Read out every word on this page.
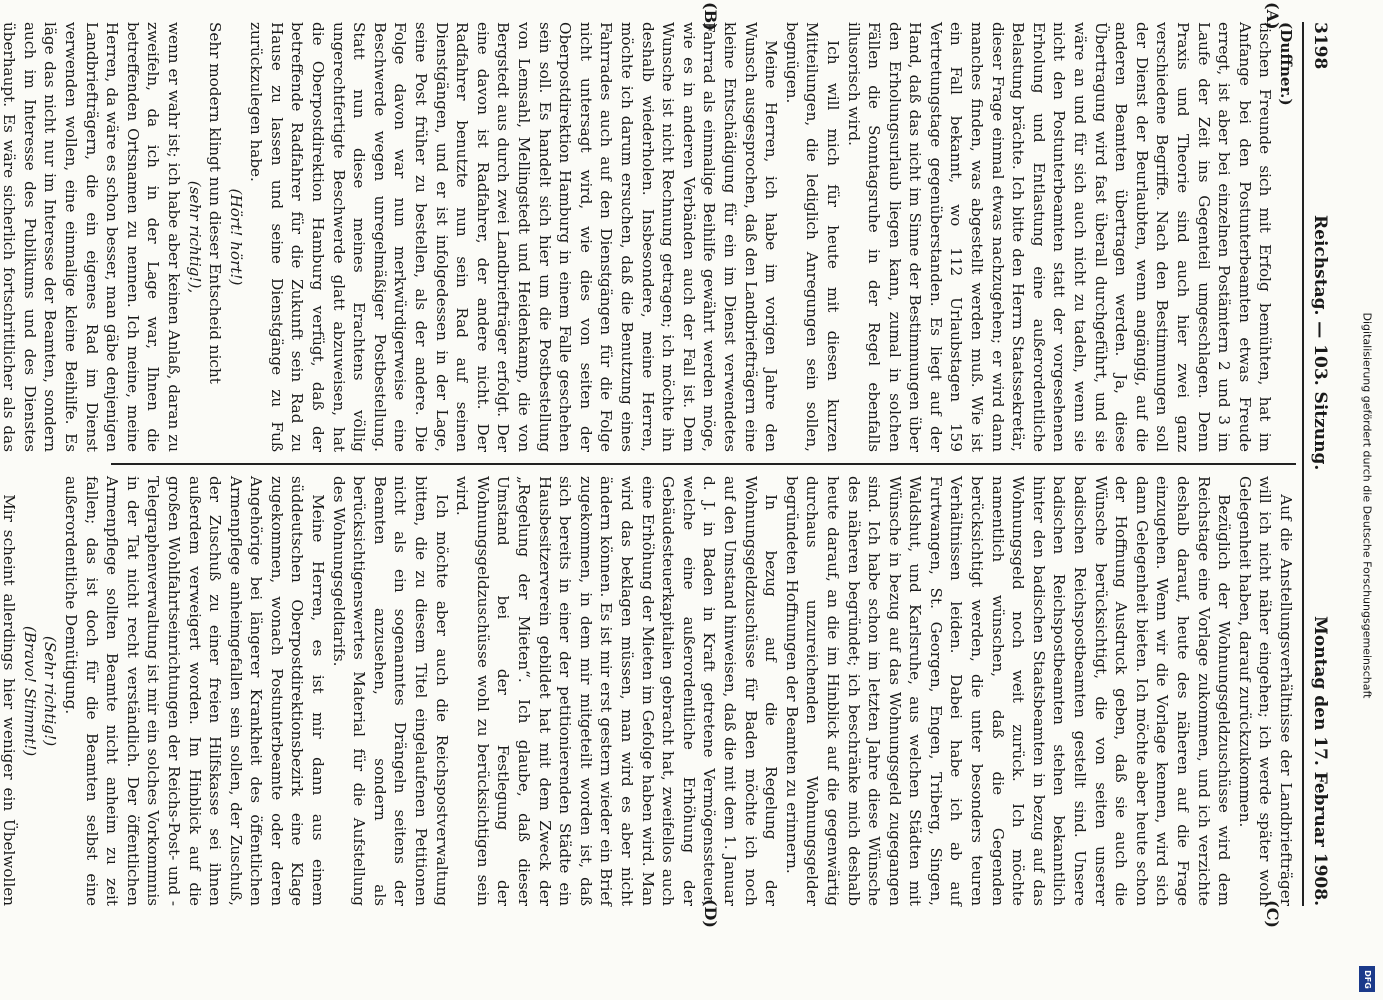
3198
Reichstag. — 103. Sitzung.
Montag den 17. Februar 1908.
(A)
(B)
(C)
(D)

(Duffner.)

tischen Freunde sich mit Erfolg bemühten, hat im Anfange bei den Postunterbeamten etwas Freude erregt, ist aber bei einzelnen Postämtern 2 und 3 im Laufe der Zeit ins Gegenteil umgeschlagen. Denn Praxis und Theorie sind auch hier zwei ganz verschiedene Begriffe. Nach den Bestimmungen soll der Dienst der Beurlaubten, wenn angängig, auf die anderen Beamten übertragen werden. Ja, diese Übertragung wird fast überall durchgeführt, und sie wäre an und für sich auch nicht zu tadeln, wenn sie nicht den Postunterbeamten statt der vorgesehenen Erholung und Entlastung eine außerordentliche Belastung brächte. Ich bitte den Herrn Staatssekretär, dieser Frage einmal etwas nachzugehen; er wird dann manches finden, was abgestellt werden muß. Wie ist ein Fall bekannt, wo 112 Urlaubstagen 159 Vertretungstage gegenüberstanden. Es liegt auf der Hand, daß das nicht im Sinne der Bestimmungen über den Erholungsurlaub liegen kann, zumal in solchen Fällen die Sonntagsruhe in der Regel ebenfalls illusorisch wird.

Ich will mich für heute mit diesen kurzen Mitteilungen, die lediglich Anregungen sein sollen, begnügen.

Meine Herren, ich habe im vorigen Jahre den Wunsch ausgesprochen, daß den Landbriefträgern eine kleine Entschädigung für ein im Dienst verwendetes Fahrrad als einmalige Beihilfe gewährt werden möge, wie es in anderen Verbänden auch der Fall ist. Dem Wunsche ist nicht Rechnung getragen; ich möchte ihn deshalb wiederholen. Insbesondere, meine Herren, möchte ich darum ersuchen, daß die Benutzung eines Fahrrades auch auf den Dienstgängen für die Folge nicht untersagt wird, wie dies von seiten der Oberpostdirektion Hamburg in einem Falle geschehen sein soll. Es handelt sich hier um die Postbestellung von Lemsahl, Mellingstedt und Heidenkamp, die von Bergstedt aus durch zwei Landbriefträger erfolgt. Der eine davon ist Radfahrer, der andere nicht. Der Radfahrer benutzte nun sein Rad auf seinen Dienstgängen, und er ist infolgedessen in der Lage, seine Post früher zu bestellen, als der andere. Die Folge davon war nun merkwürdigerweise eine Beschwerde wegen unregelmäßiger Postbestellung. Statt nun diese meines Erachtens völlig ungerechtfertigte Beschwerde glatt abzuweisen, hat die Oberpostdirektion Hamburg verfügt, daß der betreffende Radfahrer für die Zukunft sein Rad zu Hause zu lassen und seine Dienstgänge zu Fuß zurückzulegen habe.

(Hört! hört!)

Sehr modern klingt nun dieser Entscheid nicht

(sehr richtig!),

wenn er wahr ist; ich habe aber keinen Anlaß, daran zu zweifeln, da ich in der Lage war, Ihnen die betreffenden Ortsnamen zu nennen. Ich meine, meine Herren, da wäre es schon besser, man gäbe denjenigen Landbriefträgern, die ein eigenes Rad im Dienst verwenden wollen, eine einmalige kleine Beihilfe. Es läge das nicht nur im Interesse der Beamten, sondern auch im Interesse des Publikums und des Dienstes überhaupt. Es wäre sicherlich fortschrittlicher als das

Auf die Anstellungsverhältnisse der Landbriefträger will ich nicht näher eingehen; ich werde später wohl Gelegenheit haben, darauf zurückzukommen.

Bezüglich der Wohnungsgeldzuschüsse wird dem Reichstage eine Vorlage zukommen, und ich verzichte deshalb darauf, heute des näheren auf die Frage einzugehen. Wenn wir die Vorlage kennen, wird sich dann Gelegenheit bieten. Ich möchte aber heute schon der Hoffnung Ausdruck geben, daß sie auch die Wünsche berücksichtigt, die von seiten unserer badischen Reichspostbeamten gestellt sind. Unsere badischen Reichspostbeamten stehen bekanntlich hinter den badischen Staatsbeamten in bezug auf das Wohnungsgeld noch weit zurück. Ich möchte namentlich wünschen, daß die Gegenden berücksichtigt werden, die unter besonders teuren Verhältnissen leiden. Dabei habe ich ab auf Furtwangen, St. Georgen, Engen, Triberg, Singen, Waldshut, und Karlsruhe, aus welchen Städten mit Wünsche in bezug auf das Wohnungsgeld zugegangen sind. Ich habe schon im letzten Jahre diese Wünsche des näheren begründet; ich beschränke mich deshalb heute darauf, an die im Hinblick auf die gegenwärtig durchaus unzureichenden Wohnungsgelder begründeten Hoffnungen der Beamten zu erinnern.

In bezug auf die Regelung der Wohnungsgeldzuschüsse für Baden möchte ich noch auf den Umstand hinweisen, daß die mit dem 1. Januar d. J. in Baden in Kraft getretene Vermögenssteuer, welche eine außerordentliche Erhöhung der Gebäudesteuerkapitalien gebracht hat, zweifellos auch eine Erhöhung der Mieten im Gefolge haben wird. Man wird das beklagen müssen, man wird es aber nicht ändern können. Es ist mir erst gestern wieder ein Brief zugekommen, in dem mir mitgeteilt worden ist, daß sich bereits in einer der petitionierenden Städte ein Hausbesitzerverein gebildet hat mit dem Zweck der „Regelung der Mieten“. Ich glaube, daß dieser Umstand bei der Festlegung der Wohnungsgeldzuschüsse wohl zu berücksichtigen sein wird.

Ich möchte aber auch die Reichspostverwaltung bitten, die zu diesem Titel eingelaufenen Petitionen nicht als ein sogenanntes Drängeln seitens der Beamten anzusehen, sondern als berücksichtigenswertes Material für die Aufstellung des Wohnungsgeldtarifs.

Meine Herren, es ist mir dann aus einem süddeutschen Oberpostdirektionsbezirk eine Klage zugekommen, wonach Postunterbeamte oder deren Angehörige bei längerer Krankheit des öffentlichen Armenpflege anheimgefallen sein sollen, der Zuschuß, der Zuschuß zu einer freien Hilfskasse sei ihnen außerdem verweigert worden. Im Hinblick auf die großen Wohlfahrtseinrichtungen der Reichs-Post- und -Telegraphenverwaltung ist mir ein solches Vorkommnis in der Tat nicht recht verständlich. Der öffentlichen Armenpflege sollten Beamte nicht anheim zu zeit fallen; das ist doch für die Beamten selbst eine außerordentliche Demütigung.

(Sehr richtig!)

(Bravo! Stimmt!)

Mir scheint allerdings hier weniger ein Übelwollen

Digitalisierung gefördert durch die Deutsche Forschungsgemeinschaft
DFG
